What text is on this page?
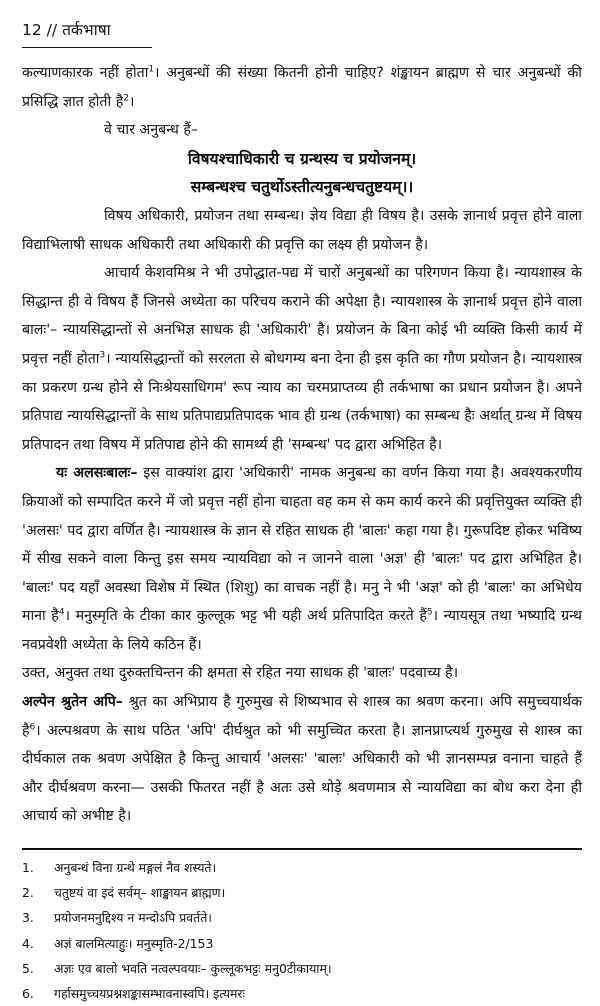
12 // तर्कभाषा

कल्याणकारक नहीं होता$^1$। अनुबन्धों की संख्या कितनी होनी चाहिए? शंङ्खायन ब्राह्मण से चार अनुबन्धों की प्रसिद्धि ज्ञात होती है$^2$।

वे चार अनुबन्ध हैं–

विषयश्चाधिकारी च ग्रन्थस्य च प्रयोजनम्।

सम्बन्धश्च चतुर्थोऽस्तीत्यनुबन्धचतुष्टयम्।।

विषय अधिकारी, प्रयोजन तथा सम्बन्ध। ज्ञेय विद्या ही विषय है। उसके ज्ञानार्थ प्रवृत्त होने वाला विद्याभिलाषी साधक अधिकारी तथा अधिकारी की प्रवृत्ति का लक्ष्य ही प्रयोजन है।

आचार्य केशवमिश्र ने भी उपोद्धात-पद्य में चारों अनुबन्धों का परिगणन किया है। न्यायशास्त्र के सिद्धान्त ही वे विषय हैं जिनसे अध्येता का परिचय कराने की अपेक्षा है। न्यायशास्त्र के ज्ञानार्थ प्रवृत्त होने वाला बालः'– न्यायसिद्धान्तों से अनभिज्ञ साधक ही 'अधिकारी' है। प्रयोजन के बिना कोई भी व्यक्ति किसी कार्य में प्रवृत्त नहीं होता$^3$। न्यायसिद्धान्तों को सरलता से बोधगम्य बना देना ही इस कृति का गौण प्रयोजन है। न्यायशास्त्र का प्रकरण ग्रन्थ होने से निःश्रेयसाधिगम' रूप न्याय का चरमप्राप्तव्य ही तर्कभाषा का प्रधान प्रयोजन है। अपने प्रतिपाद्य न्यायसिद्धान्तों के साथ प्रतिपाद्यप्रतिपादक भाव ही ग्रन्थ (तर्कभाषा) का सम्बन्ध हैः अर्थात् ग्रन्थ में विषय प्रतिपादन तथा विषय में प्रतिपाद्य होने की सामर्थ्य ही 'सम्बन्ध' पद द्वारा अभिहित है।

यः अलसःबालः– इस वाक्यांश द्वारा 'अधिकारी' नामक अनुबन्ध का वर्णन किया गया है। अवश्यकरणीय क्रियाओं को सम्पादित करने में जो प्रवृत्त नहीं होना चाहता वह कम से कम कार्य करने की प्रवृत्तियुक्त व्यक्ति ही 'अलसः' पद द्वारा वर्णित है। न्यायशास्त्र के ज्ञान से रहित साधक ही 'बालः' कहा गया है। गुरूपदिष्ट होकर भविष्य में सीख सकने वाला किन्तु इस समय न्यायविद्या को न जानने वाला 'अज्ञ' ही 'बालः' पद द्वारा अभिहित है। 'बालः' पद यहाँ अवस्था विशेष में स्थित (शिशु) का वाचक नहीं है। मनु ने भी 'अज्ञ' को ही 'बालः' का अभिधेय माना है$^4$। मनुस्मृति के टीका कार कुल्लूक भट्ट भी यही अर्थ प्रतिपादित करते हैं$^5$। न्यायसूत्र तथा भष्यादि ग्रन्थ नवप्रवेशी अध्येता के लिये कठिन हैं।

उक्त, अनुक्त तथा दुरुक्तचिन्तन की क्षमता से रहित नया साधक ही 'बालः' पदवाच्य है।

अल्पेन श्रुतेन अपि– श्रुत का अभिप्राय है गुरुमुख से शिष्यभाव से शास्त्र का श्रवण करना। अपि समुच्चयार्थक है$^6$। अल्पश्रवण के साथ पठित 'अपि' दीर्घश्रुत को भी समुच्चित करता है। ज्ञानप्राप्त्यर्थ गुरुमुख से शास्त्र का दीर्घकाल तक श्रवण अपेक्षित है किन्तु आचार्य 'अलसः' 'बालः' अधिकारी को भी ज्ञानसम्पन्न वनाना चाहते हैं और दीर्घश्रवण करना— उसकी फितरत नहीं है अतः उसे थोड़े श्रवणमात्र से न्यायविद्या का बोध करा देना ही आचार्य को अभीष्ट है।

1.	अनुबन्धं विना ग्रन्थे मङ्गलं नैव शस्यते।
2.	चतुष्टयं वा इदं सर्वम्– शाङ्खायन ब्राह्मण।
3.	प्रयोजनमनुद्दिश्य न मन्दोऽपि प्रवर्तते।
4.	अज्ञं बालमित्याहुः। मनुस्मृति-2/153
5.	अज्ञः एव बालो भवति नत्वल्पवयाः– कुल्लूकभट्टः मनु0टीकायाम्।
6.	गर्हासमुच्चयप्रश्नशङ्कासम्भावनास्वपि। इत्यमरः
